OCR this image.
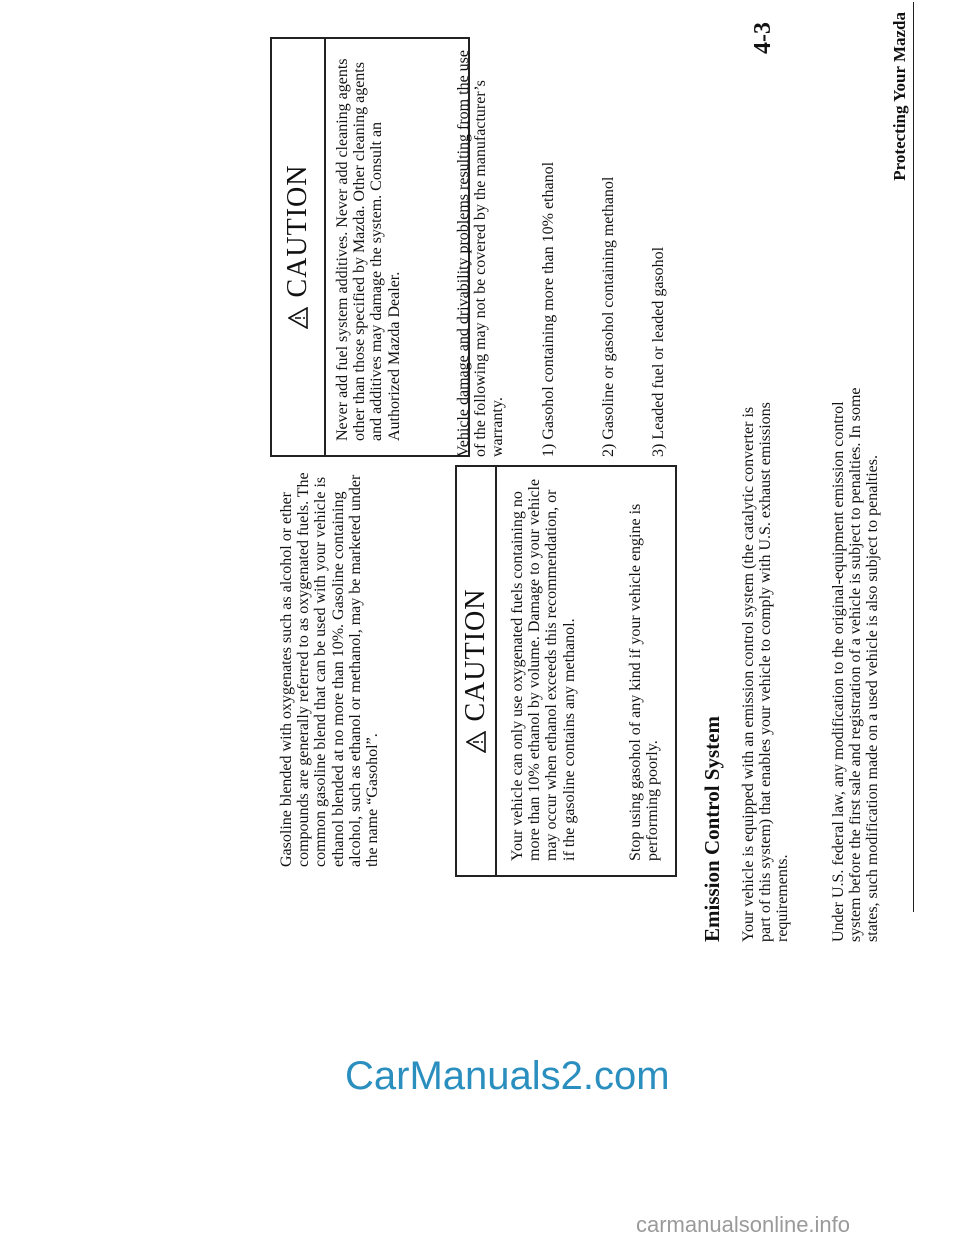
Protecting Your Mazda
Gasoline blended with oxygenates such as alcohol or ether compounds are generally referred to as oxygenated fuels. The common gasoline blend that can be used with your vehicle is ethanol blended at no more than 10%. Gasoline containing alcohol, such as ethanol or methanol, may be marketed under the name “Gasohol”.
CAUTION Your vehicle can only use oxygenated fuels containing no more than 10% ethanol by volume. Damage to your vehicle may occur when ethanol exceeds this recommendation, or if the gasoline contains any methanol.	Stop using gasohol of any kind if your vehicle engine is performing poorly.
CAUTION Never add fuel system additives. Never add cleaning agents other than those specified by Mazda. Other cleaning agents and additives may damage the system. Consult an Authorized Mazda Dealer.	Vehicle damage and drivability problems resulting from the use of the following may not be covered by the manufacturer’s warranty. 1) Gasohol containing more than 10% ethanol	2) Gasoline or gasohol containing methanol 3) Leaded fuel or leaded gasohol
Emission Control System Your vehicle is equipped with an emission control system (the catalytic converter is part of this system) that enables your vehicle to comply with U.S. exhaust emissions requirements. Under U.S. federal law, any modification to the original-equipment emission control system before the first sale and registration of a vehicle is subject to penalties. In some states, such modification made on a used vehicle is also subject to penalties.
4-3
CarManuals2.com
carmanualsonline.info
